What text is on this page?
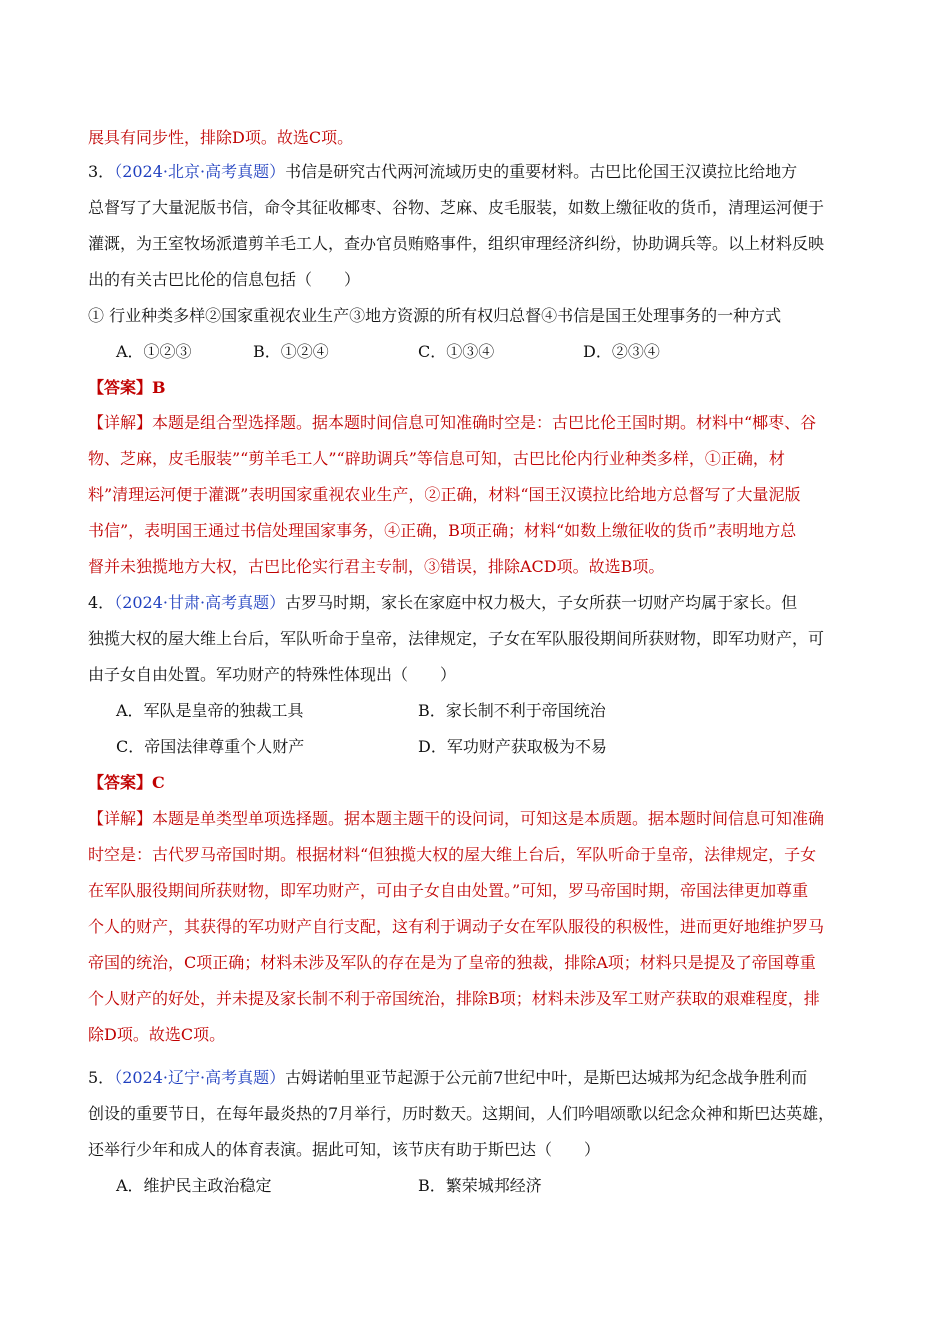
展具有同步性，排除D项。故选C项。
3．（2024·北京·高考真题）书信是研究古代两河流域历史的重要材料。古巴比伦国王汉谟拉比给地方
总督写了大量泥版书信，命令其征收椰枣、谷物、芝麻、皮毛服装，如数上缴征收的货币，清理运河便于
灌溉，为王室牧场派遣剪羊毛工人，查办官员贿赂事件，组织审理经济纠纷，协助调兵等。以上材料反映
出的有关古巴比伦的信息包括（　　）
① 行业种类多样②国家重视农业生产③地方资源的所有权归总督④书信是国王处理事务的一种方式
A．①②③	B．①②④	C．①③④	D．②③④
【答案】B
【详解】本题是组合型选择题。据本题时间信息可知准确时空是：古巴比伦王国时期。材料中“椰枣、谷
物、芝麻，皮毛服装”“剪羊毛工人”“辟助调兵”等信息可知，古巴比伦内行业种类多样，①正确，材
料”清理运河便于灌溉”表明国家重视农业生产，②正确，材料“国王汉谟拉比给地方总督写了大量泥版
书信”，表明国王通过书信处理国家事务，④正确，B项正确；材料“如数上缴征收的货币”表明地方总
督并未独揽地方大权，古巴比伦实行君主专制，③错误，排除ACD项。故选B项。
4．（2024·甘肃·高考真题）古罗马时期，家长在家庭中权力极大，子女所获一切财产均属于家长。但
独揽大权的屋大维上台后，军队听命于皇帝，法律规定，子女在军队服役期间所获财物，即军功财产，可
由子女自由处置。军功财产的特殊性体现出（　　）
A．军队是皇帝的独裁工具	B．家长制不利于帝国统治
C．帝国法律尊重个人财产	D．军功财产获取极为不易
【答案】C
【详解】本题是单类型单项选择题。据本题主题干的设问词，可知这是本质题。据本题时间信息可知准确
时空是：古代罗马帝国时期。根据材料“但独揽大权的屋大维上台后，军队听命于皇帝，法律规定，子女
在军队服役期间所获财物，即军功财产，可由子女自由处置。”可知，罗马帝国时期，帝国法律更加尊重
个人的财产，其获得的军功财产自行支配，这有利于调动子女在军队服役的积极性，进而更好地维护罗马
帝国的统治，C项正确；材料未涉及军队的存在是为了皇帝的独裁，排除A项；材料只是提及了帝国尊重
个人财产的好处，并未提及家长制不利于帝国统治，排除B项；材料未涉及军工财产获取的艰难程度，排
除D项。故选C项。
5．（2024·辽宁·高考真题）古姆诺帕里亚节起源于公元前7世纪中叶，是斯巴达城邦为纪念战争胜利而
创设的重要节日，在每年最炎热的7月举行，历时数天。这期间，人们吟唱颂歌以纪念众神和斯巴达英雄，
还举行少年和成人的体育表演。据此可知，该节庆有助于斯巴达（　　）
A．维护民主政治稳定	B．繁荣城邦经济
